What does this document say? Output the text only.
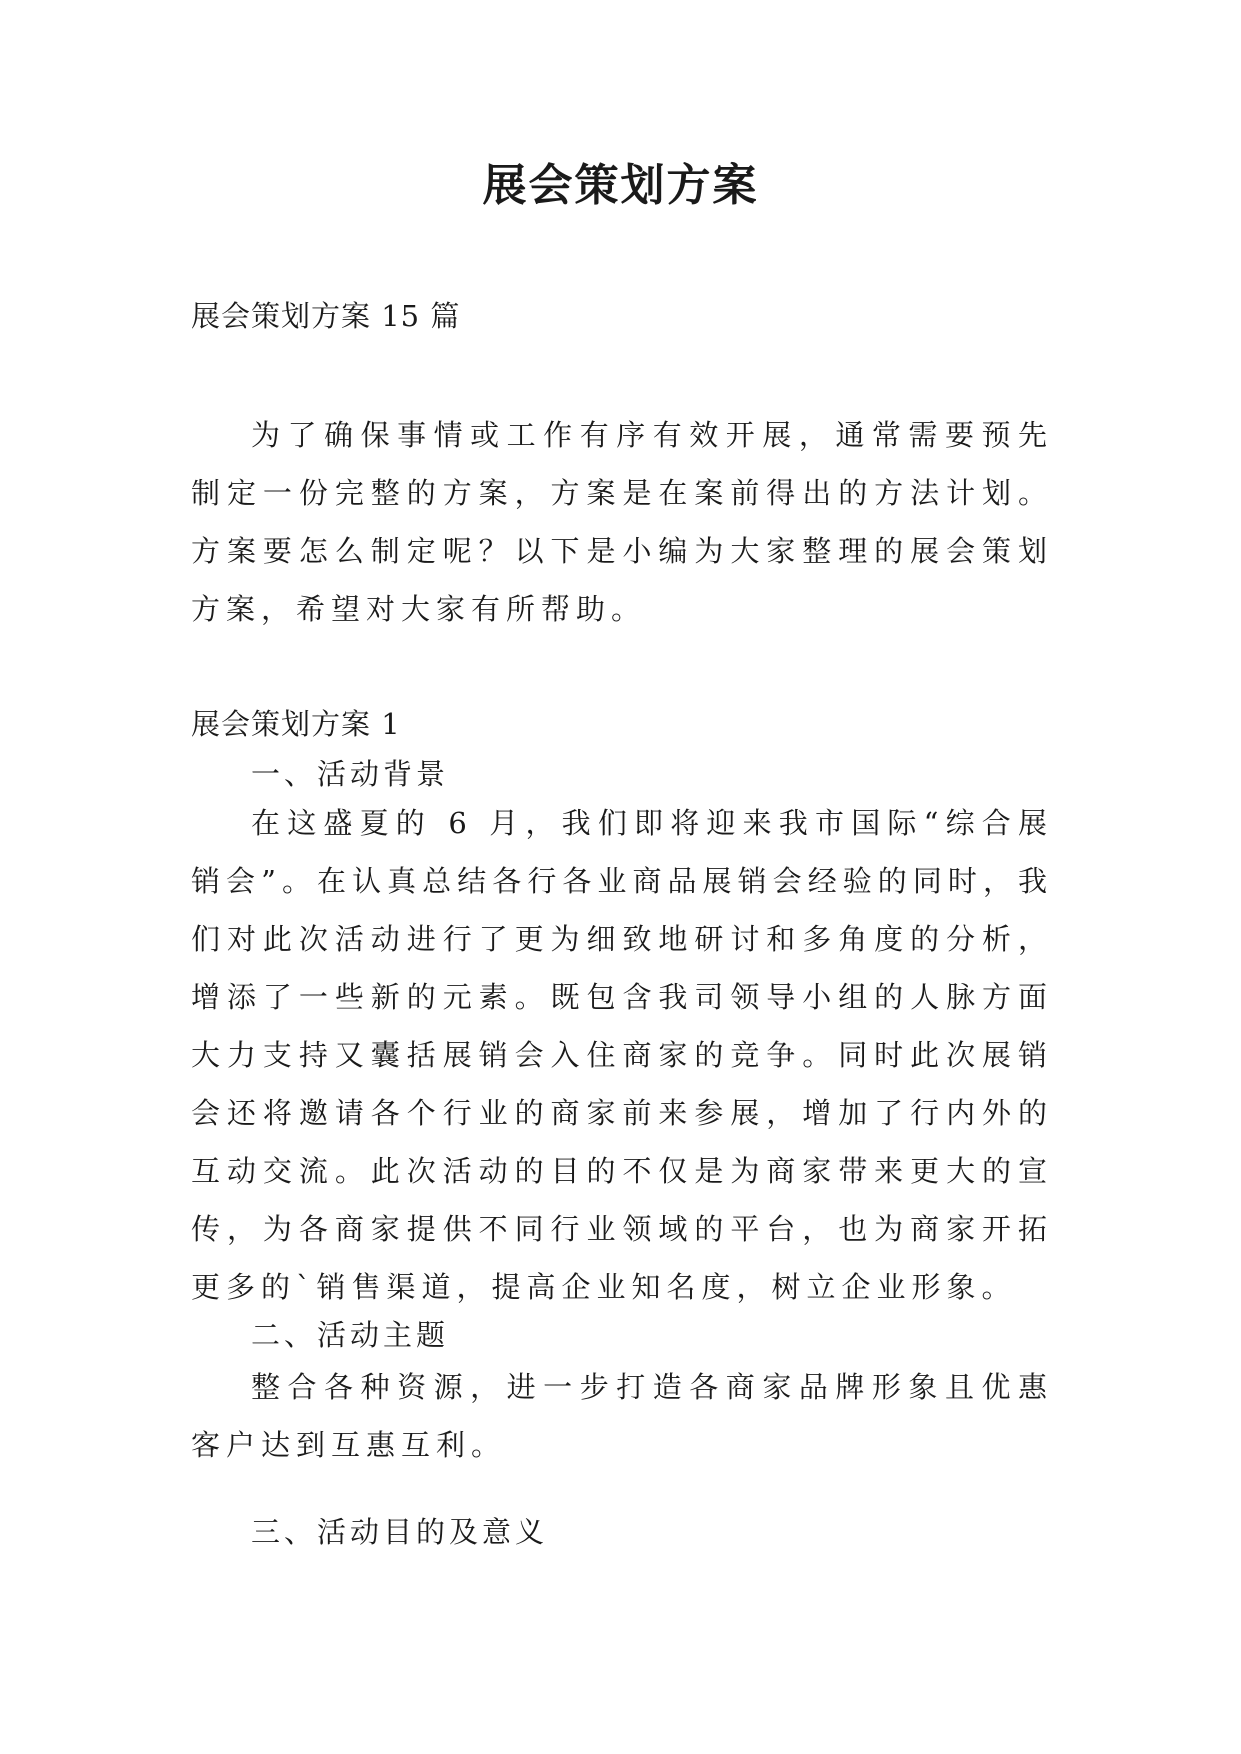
展会策划方案

展会策划方案 15 篇

为了确保事情或工作有序有效开展，通常需要预先制定一份完整的方案，方案是在案前得出的方法计划。方案要怎么制定呢？以下是小编为大家整理的展会策划方案，希望对大家有所帮助。

展会策划方案 1

一、活动背景

在这盛夏的 6 月，我们即将迎来我市国际“综合展销会”。在认真总结各行各业商品展销会经验的同时，我们对此次活动进行了更为细致地研讨和多角度的分析，增添了一些新的元素。既包含我司领导小组的人脉方面大力支持又囊括展销会入住商家的竞争。同时此次展销会还将邀请各个行业的商家前来参展，增加了行内外的互动交流。此次活动的目的不仅是为商家带来更大的宣传，为各商家提供不同行业领域的平台，也为商家开拓更多的`销售渠道，提高企业知名度，树立企业形象。

二、活动主题

整合各种资源，进一步打造各商家品牌形象且优惠客户达到互惠互利。

三、活动目的及意义
